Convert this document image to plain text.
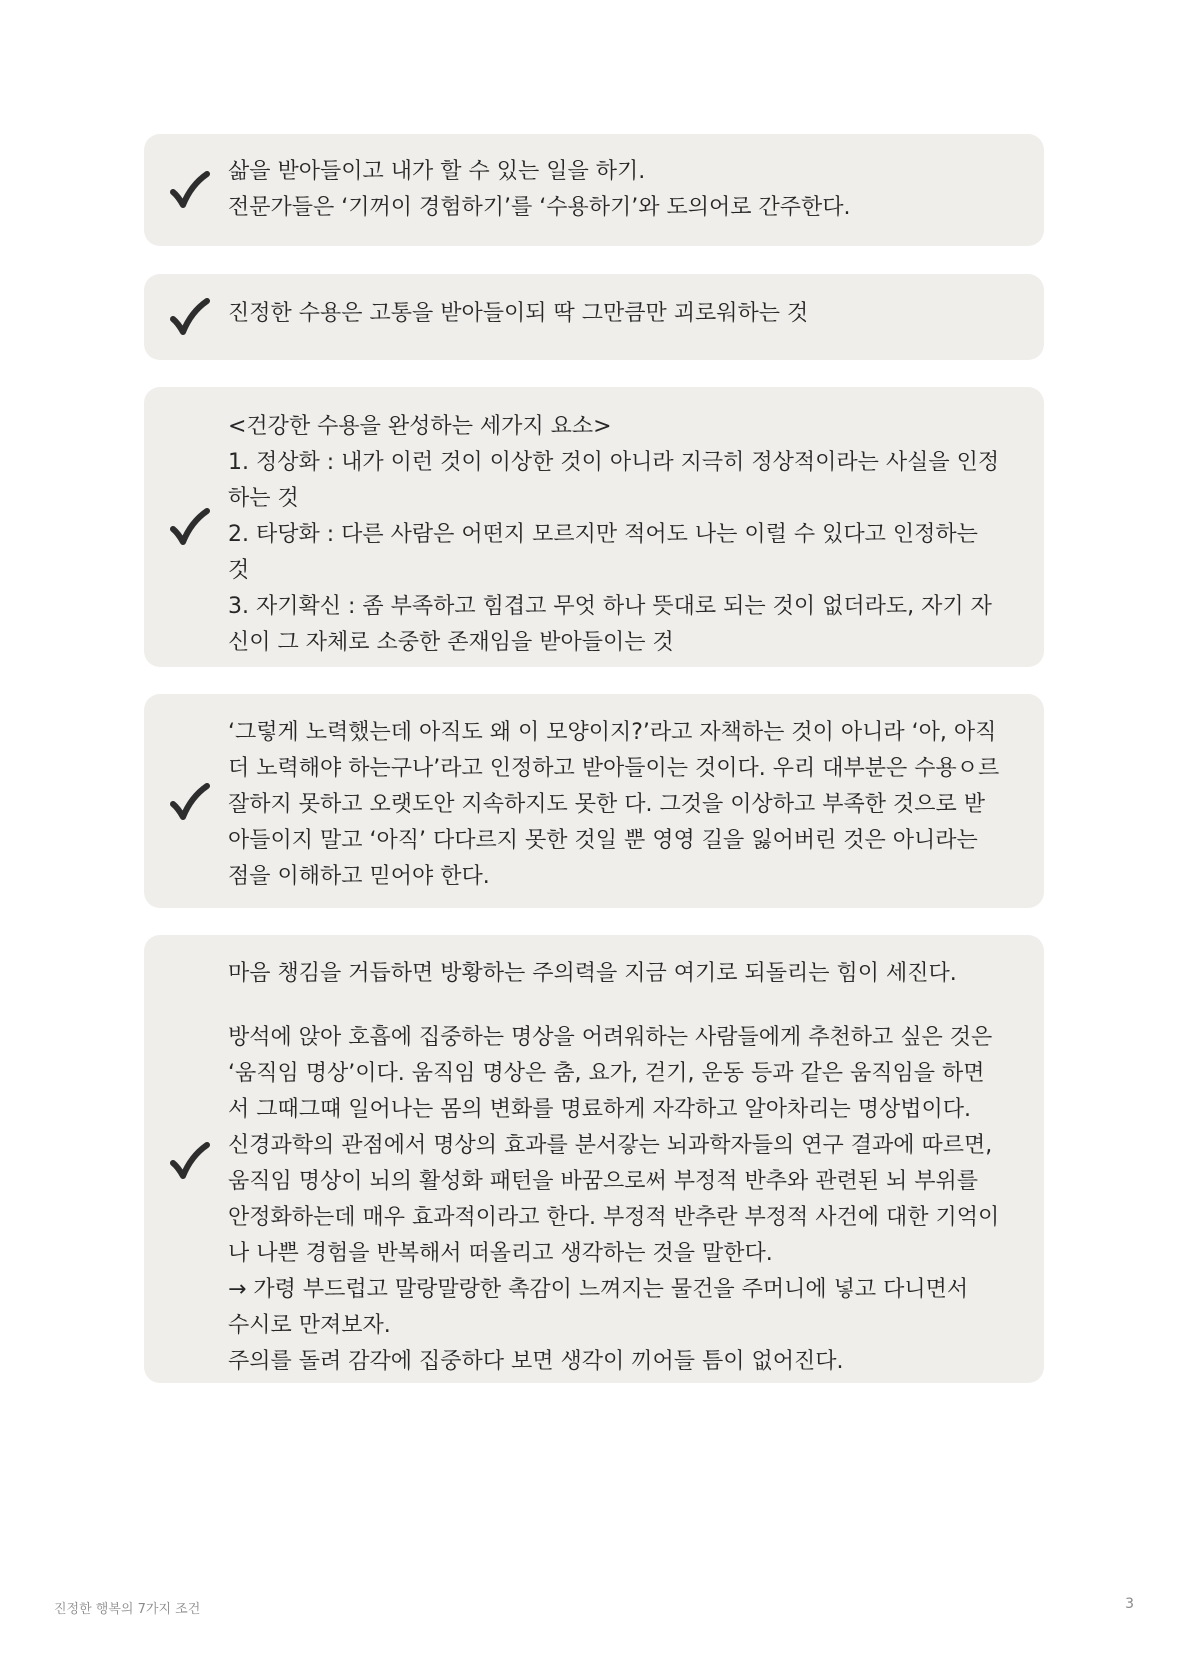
삶을 받아들이고 내가 할 수 있는 일을 하기.

전문가들은 ‘기꺼이 경험하기’를 ‘수용하기’와 도의어로 간주한다.

진정한 수용은 고통을 받아들이되 딱 그만큼만 괴로워하는 것

<건강한 수용을 완성하는 세가지 요소>

1. 정상화 : 내가 이런 것이 이상한 것이 아니라 지극히 정상적이라는 사실을 인정

하는 것

2. 타당화 : 다른 사람은 어떤지 모르지만 적어도 나는 이럴 수 있다고 인정하는

것

3. 자기확신 : 좀 부족하고 힘겹고 무엇 하나 뜻대로 되는 것이 없더라도, 자기 자

신이 그 자체로 소중한 존재임을 받아들이는 것

‘그렇게 노력했는데 아직도 왜 이 모양이지?’라고 자책하는 것이 아니라 ‘아, 아직

더 노력해야 하는구나’라고 인정하고 받아들이는 것이다. 우리 대부분은 수용ㅇ르

잘하지 못하고 오랫도안 지속하지도 못한 다. 그것을 이상하고 부족한 것으로 받

아들이지 말고 ‘아직’ 다다르지 못한 것일 뿐 영영 길을 잃어버린 것은 아니라는

점을 이해하고 믿어야 한다.

마음 챙김을 거듭하면 방황하는 주의력을 지금 여기로 되돌리는 힘이 세진다.

방석에 앉아 호흡에 집중하는 명상을 어려워하는 사람들에게 추천하고 싶은 것은

‘움직임 명상’이다. 움직임 명상은 춤, 요가, 걷기, 운동 등과 같은 움직임을 하면

서 그때그떄 일어나는 몸의 변화를 명료하게 자각하고 알아차리는 명상법이다.

신경과학의 관점에서 명상의 효과를 분서갛는 뇌과학자들의 연구 결과에 따르면,

움직임 명상이 뇌의 활성화 패턴을 바꿈으로써 부정적 반추와 관련된 뇌 부위를

안정화하는데 매우 효과적이라고 한다. 부정적 반추란 부정적 사건에 대한 기억이

나 나쁜 경험을 반복해서 떠올리고 생각하는 것을 말한다.

→ 가령 부드럽고 말랑말랑한 촉감이 느껴지는 물건을 주머니에 넣고 다니면서

수시로 만져보자.

주의를 돌려 감각에 집중하다 보면 생각이 끼어들 틈이 없어진다.

진정한 행복의 7가지 조건	3
